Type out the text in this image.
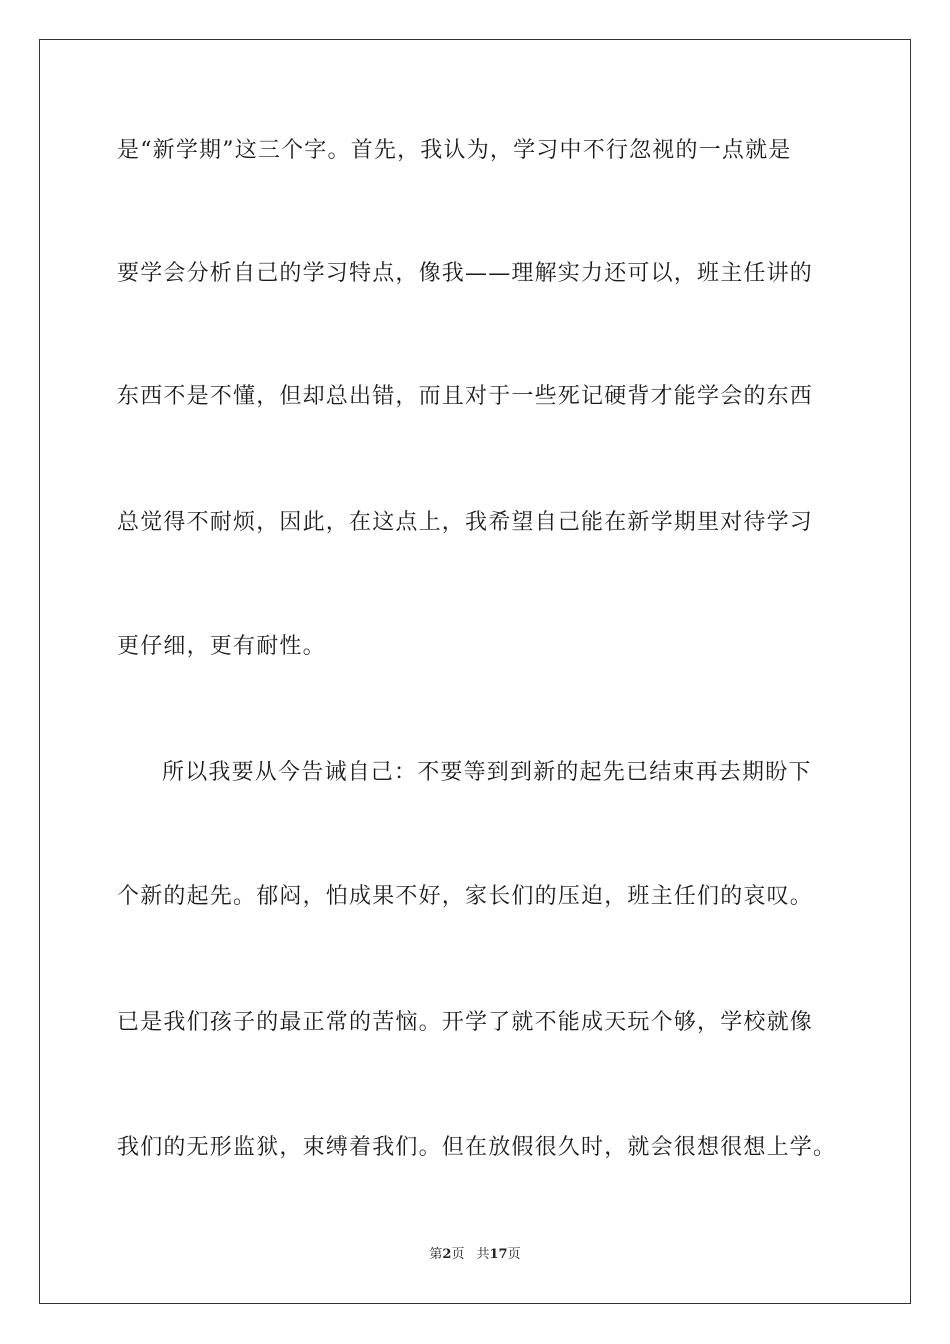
是“新学期”这三个字。首先，我认为，学习中不行忽视的一点就是
要学会分析自己的学习特点，像我——理解实力还可以，班主任讲的
东西不是不懂，但却总出错，而且对于一些死记硬背才能学会的东西
总觉得不耐烦，因此，在这点上，我希望自己能在新学期里对待学习
更仔细，更有耐性。
所以我要从今告诫自己：不要等到到新的起先已结束再去期盼下
个新的起先。郁闷，怕成果不好，家长们的压迫，班主任们的哀叹。
已是我们孩子的最正常的苦恼。开学了就不能成天玩个够，学校就像
我们的无形监狱，束缚着我们。但在放假很久时，就会很想很想上学。
第2页 共17页
